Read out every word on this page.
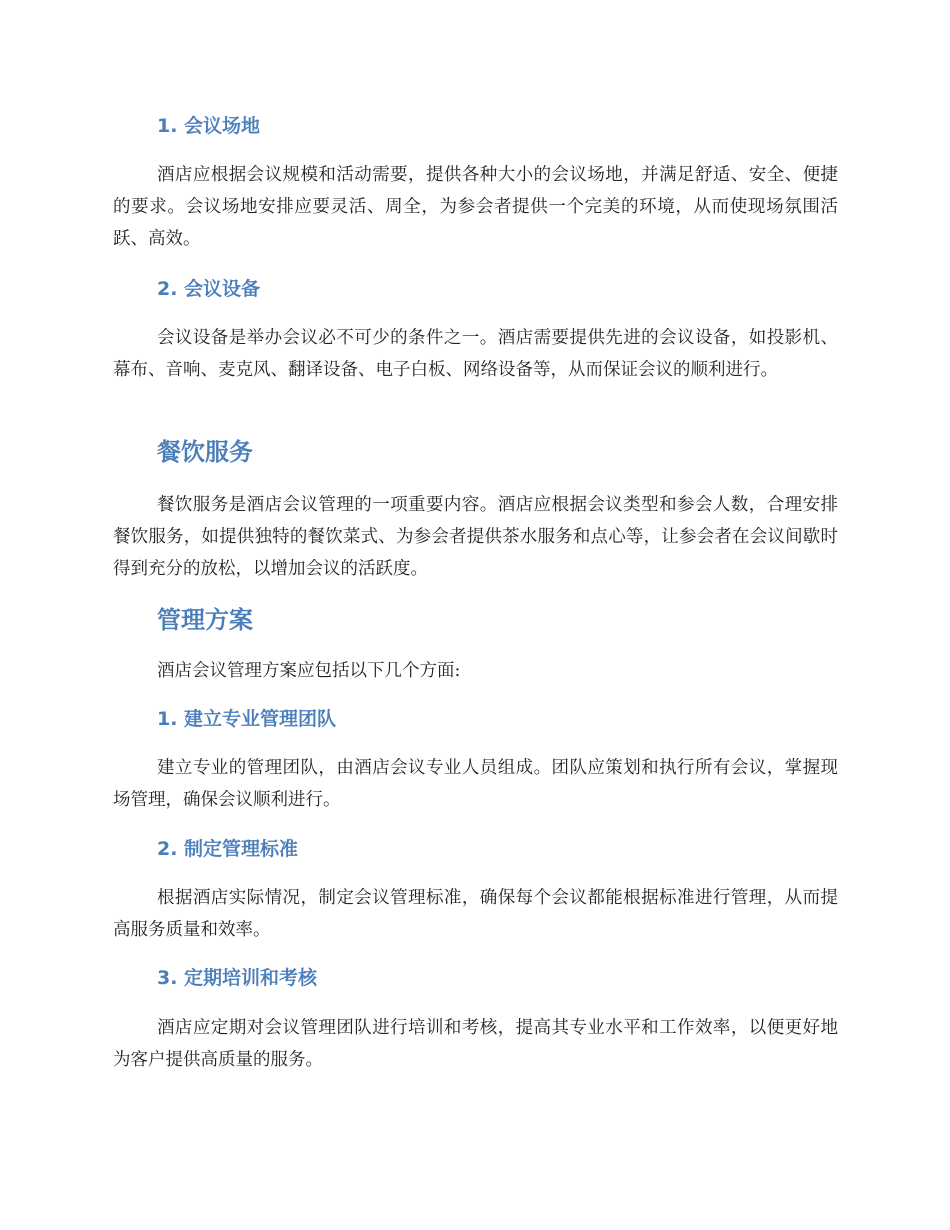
1. 会议场地

酒店应根据会议规模和活动需要，提供各种大小的会议场地，并满足舒适、安全、便捷的要求。会议场地安排应要灵活、周全，为参会者提供一个完美的环境，从而使现场氛围活跃、高效。

2. 会议设备

会议设备是举办会议必不可少的条件之一。酒店需要提供先进的会议设备，如投影机、幕布、音响、麦克风、翻译设备、电子白板、网络设备等，从而保证会议的顺利进行。

餐饮服务

餐饮服务是酒店会议管理的一项重要内容。酒店应根据会议类型和参会人数，合理安排餐饮服务，如提供独特的餐饮菜式、为参会者提供茶水服务和点心等，让参会者在会议间歇时得到充分的放松，以增加会议的活跃度。

管理方案

酒店会议管理方案应包括以下几个方面:

1. 建立专业管理团队

建立专业的管理团队，由酒店会议专业人员组成。团队应策划和执行所有会议，掌握现场管理，确保会议顺利进行。

2. 制定管理标准

根据酒店实际情况，制定会议管理标准，确保每个会议都能根据标准进行管理，从而提高服务质量和效率。

3. 定期培训和考核

酒店应定期对会议管理团队进行培训和考核，提高其专业水平和工作效率，以便更好地为客户提供高质量的服务。
